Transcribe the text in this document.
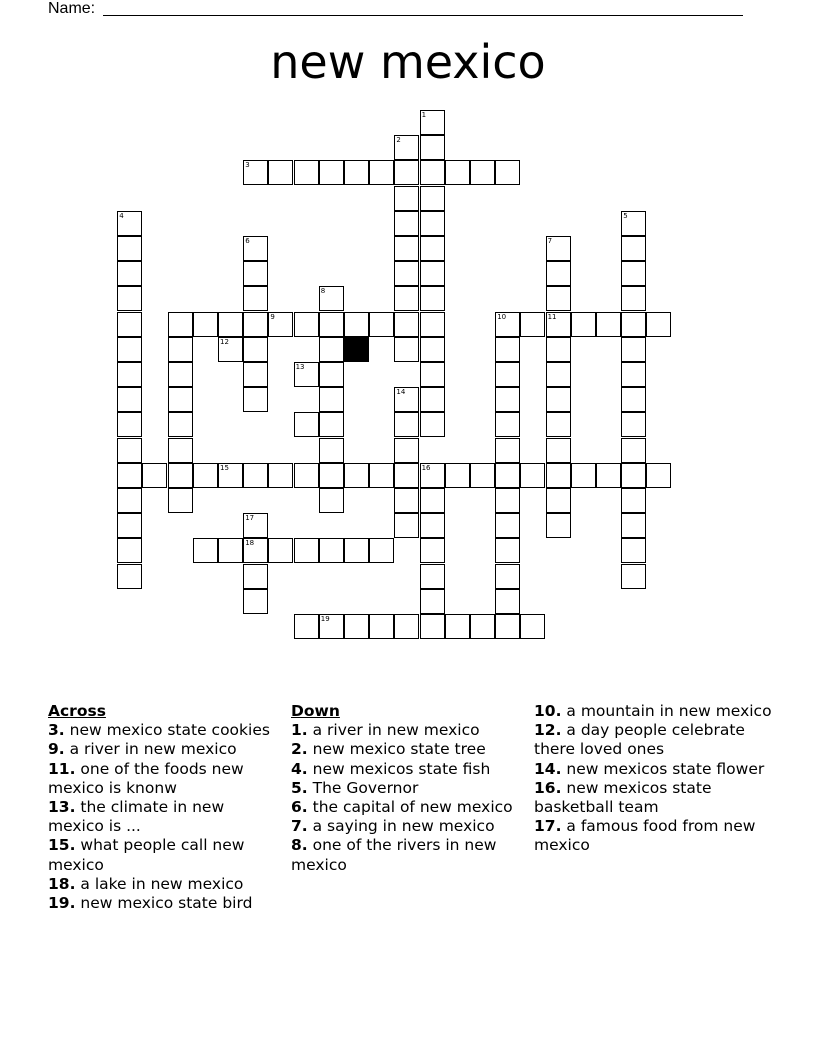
Name:
new mexico
3
9	11
15	16
18
19
1
2
4	5
6	7
8
10
14
17
12
13
Across
3. new mexico state cookies
9. a river in new mexico
11. one of the foods new mexico is knonw
13. the climate in new mexico is ...
15. what people call new mexico
18. a lake in new mexico
19. new mexico state bird
Down
1. a river in new mexico
2. new mexico state tree
4. new mexicos state fish
5. The Governor
6. the capital of new mexico
7. a saying in new mexico
8. one of the rivers in new mexico
10. a mountain in new mexico
12. a day people celebrate there loved ones
14. new mexicos state flower
16. new mexicos state basketball team
17. a famous food from new mexico
